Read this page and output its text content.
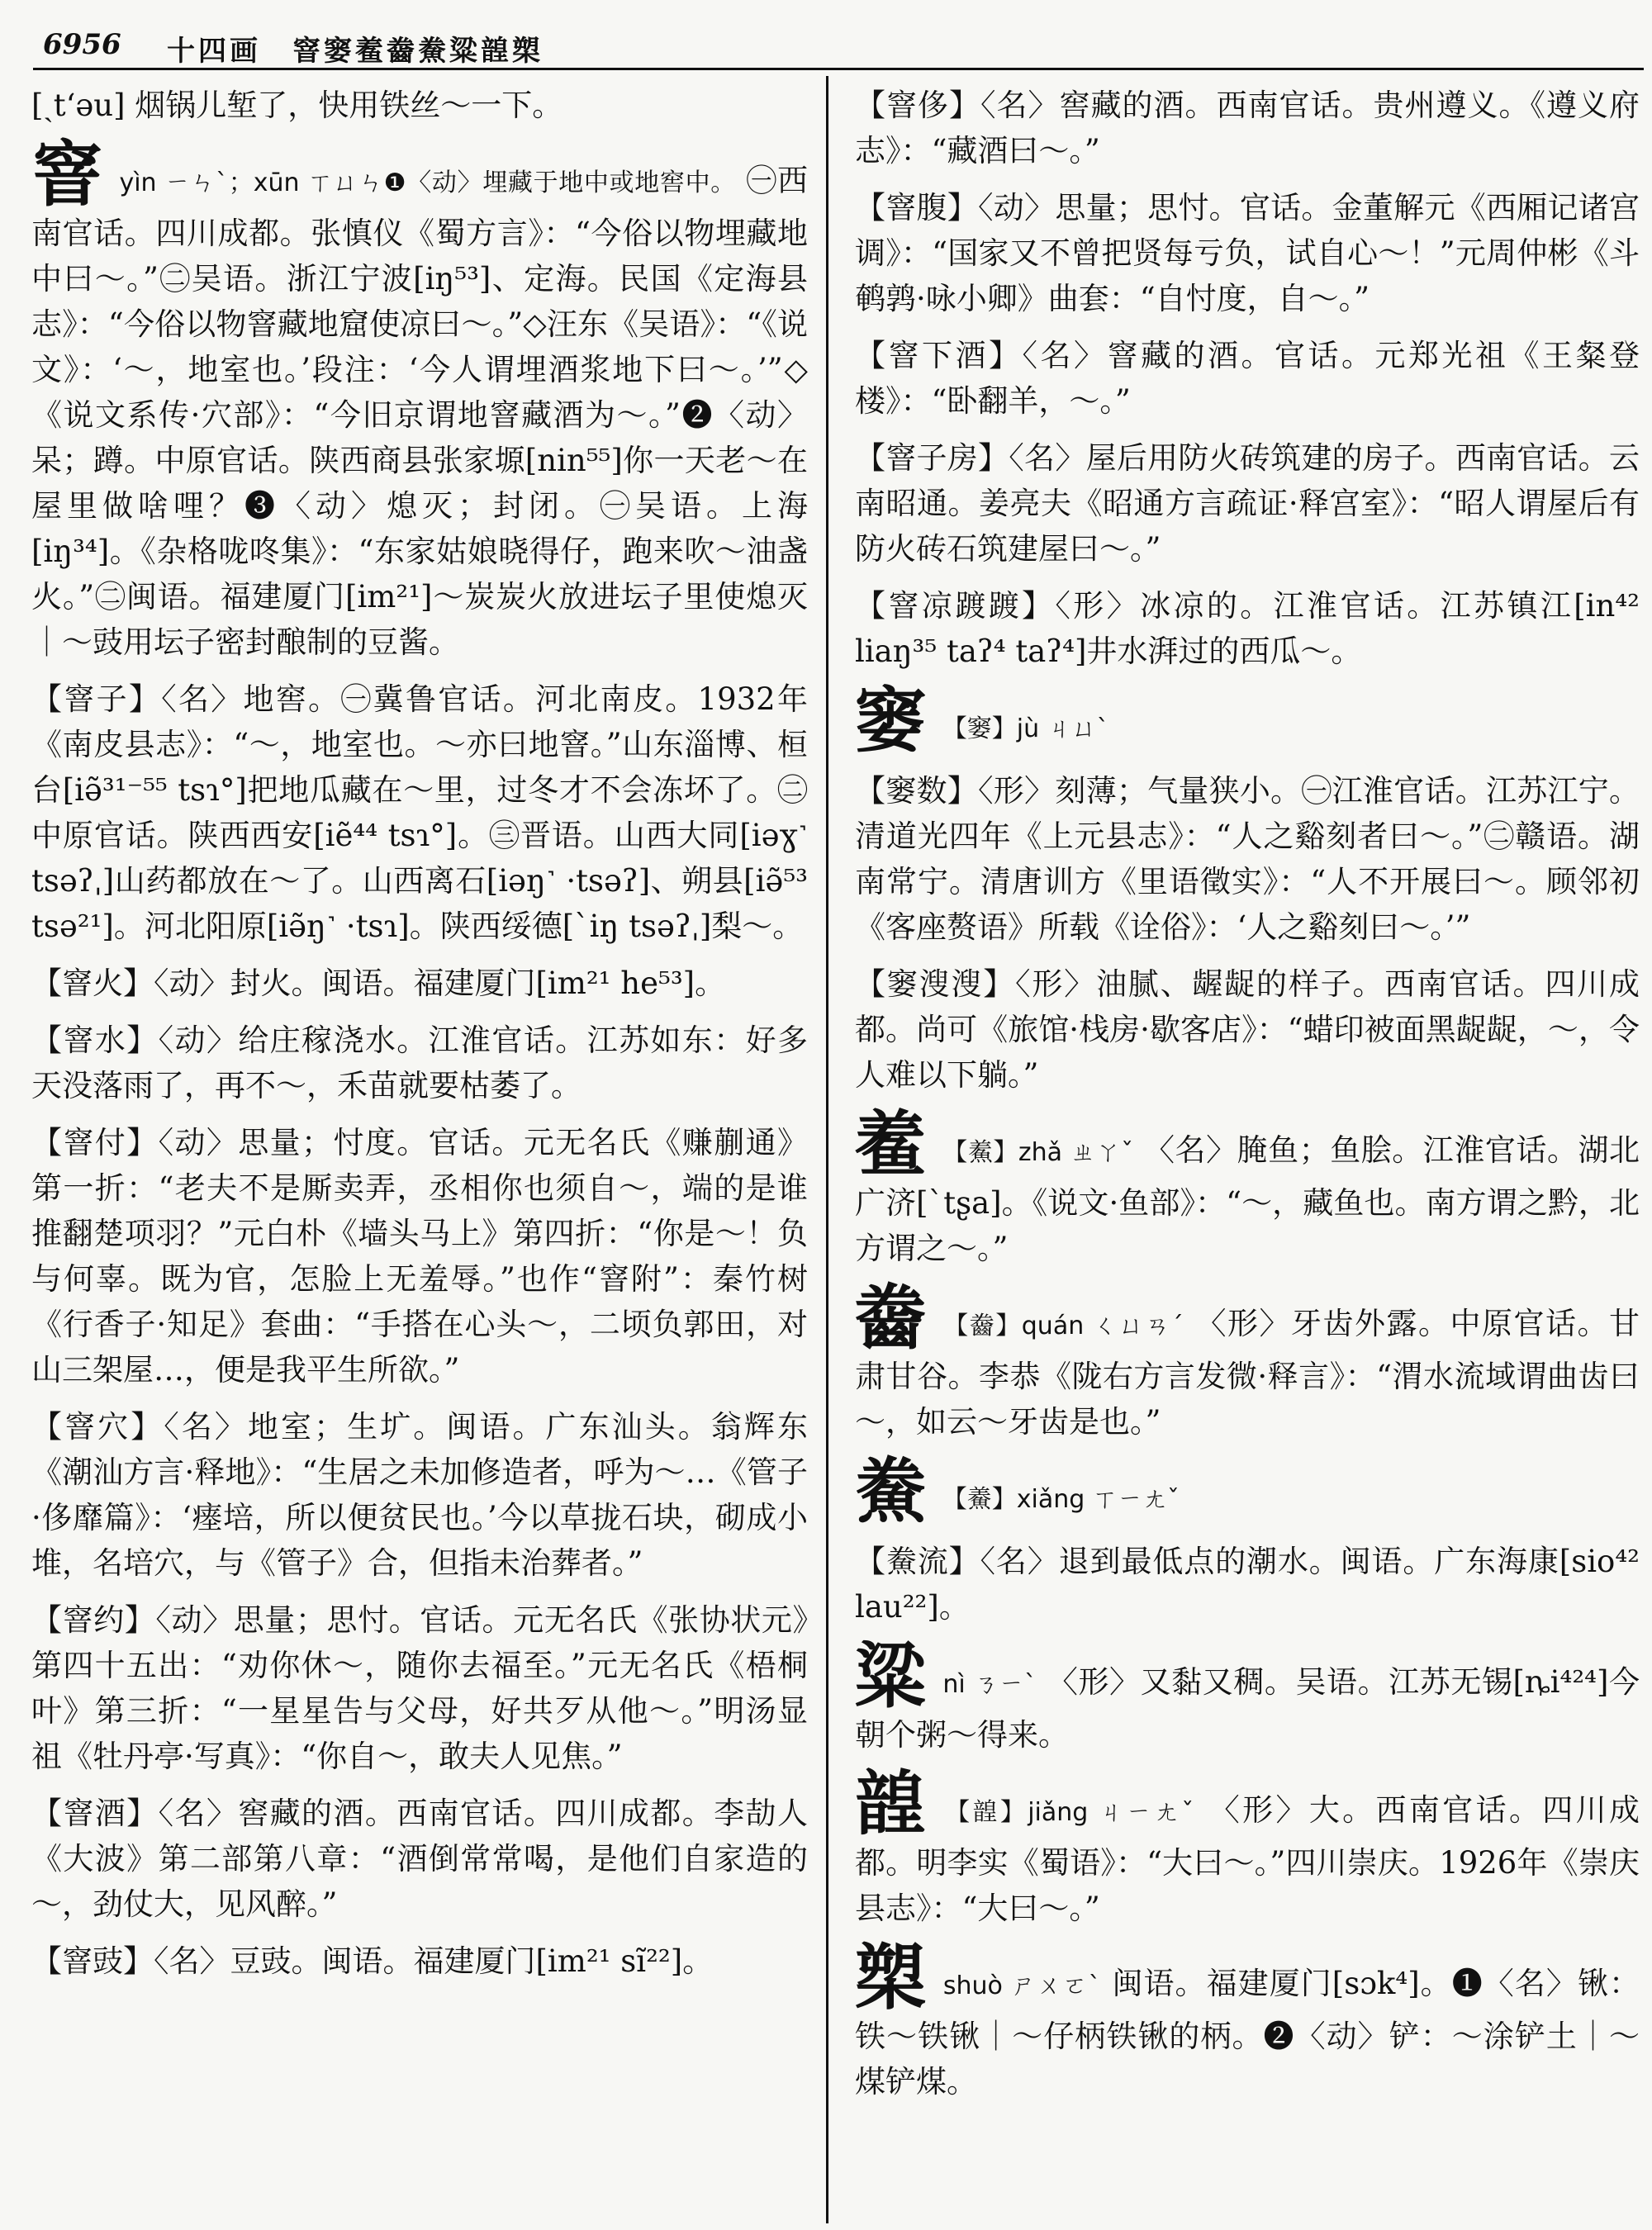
6956 十四画　窨窭鲝齤鮝粱韹槊
[ˏtʻəu] 烟锅儿堑了，快用铁丝～一下。
窨 yìn ㄧㄣˋ；xūn ㄒㄩㄣ❶〈动〉埋藏于地中或地窖中。 ㊀西南官话。四川成都。张慎仪《蜀方言》：“今俗以物埋藏地中曰～。”㊁吴语。浙江宁波[iŋ⁵³]、定海。民国《定海县志》：“今俗以物窨藏地窟使凉曰～。”◇汪东《吴语》：“《说文》：‘～，地室也。’段注：‘今人谓埋酒浆地下曰～。’”◇《说文系传·穴部》：“今旧京谓地窨藏酒为～。”❷〈动〉呆；蹲。中原官话。陕西商县张家塬[nin⁵⁵]你一天老～在屋里做啥哩？❸〈动〉熄灭；封闭。㊀吴语。上海[iŋ³⁴]。《杂格咙咚集》：“东家姑娘晓得仔，跑来吹～油盏火。”㊁闽语。福建厦门[im²¹]～炭炭火放进坛子里使熄灭｜～豉用坛子密封酿制的豆酱。
【窨子】〈名〉地窖。㊀冀鲁官话。河北南皮。1932年《南皮县志》：“～，地室也。～亦曰地窨。”山东淄博、桓台[iə̃³¹⁻⁵⁵ tsɿ°]把地瓜藏在～里，过冬才不会冻坏了。㊁中原官话。陕西西安[iẽ⁴⁴ tsɿ°]。㊂晋语。山西大同[iəɣ˺ tsəʔˌ]山药都放在～了。山西离石[iəŋ˺ ·tsəʔ]、朔县[iə̃⁵³ tsə²¹]。河北阳原[iə̃ŋ˺ ·tsɿ]。陕西绥德[ˋiŋ tsəʔˌ]梨～。
【窨火】〈动〉封火。闽语。福建厦门[im²¹ he⁵³]。
【窨水】〈动〉给庄稼浇水。江淮官话。江苏如东：好多天没落雨了，再不～，禾苗就要枯萎了。
【窨付】〈动〉思量；忖度。官话。元无名氏《赚蒯通》第一折：“老夫不是厮卖弄，丞相你也须自～，端的是谁推翻楚项羽？”元白朴《墙头马上》第四折：“你是～！负与何辜。既为官，怎脸上无羞辱。”也作“窨附”：秦竹树《行香子·知足》套曲：“手搭在心头～，二顷负郭田，对山三架屋…，便是我平生所欲。”
【窨穴】〈名〉地室；生圹。闽语。广东汕头。翁辉东《潮汕方言·释地》：“生居之未加修造者，呼为～…《管子·侈靡篇》：‘瘗培，所以便贫民也。’今以草拢石块，砌成小堆，名培穴，与《管子》合，但指未治葬者。”
【窨约】〈动〉思量；思忖。官话。元无名氏《张协状元》第四十五出：“劝你休～，随你去福至。”元无名氏《梧桐叶》第三折：“一星星告与父母，好共歹从他～。”明汤显祖《牡丹亭·写真》：“你自～，敢夫人见焦。”
【窨酒】〈名〉窖藏的酒。西南官话。四川成都。李劼人《大波》第二部第八章：“酒倒常常喝，是他们自家造的～，劲仗大，见风醉。”
【窨豉】〈名〉豆豉。闽语。福建厦门[im²¹ sĩ²²]。
【窨侈】〈名〉窖藏的酒。西南官话。贵州遵义。《遵义府志》：“藏酒曰～。”
【窨腹】〈动〉思量；思忖。官话。金董解元《西厢记诸宫调》：“国家又不曾把贤每亏负，试自心～！”元周仲彬《斗鹌鹑·咏小卿》曲套：“自忖度，自～。”
【窨下酒】〈名〉窨藏的酒。官话。元郑光祖《王粲登楼》：“卧翻羊，～。”
【窨子房】〈名〉屋后用防火砖筑建的房子。西南官话。云南昭通。姜亮夫《昭通方言疏证·释宫室》：“昭人谓屋后有防火砖石筑建屋曰～。”
【窨凉踱踱】〈形〉冰凉的。江淮官话。江苏镇江[in⁴² liaŋ³⁵ taʔ⁴ taʔ⁴]井水湃过的西瓜～。
窭 【窭】jù ㄐㄩˋ
【窭数】〈形〉刻薄；气量狭小。㊀江淮官话。江苏江宁。清道光四年《上元县志》：“人之谿刻者曰～。”㊁赣语。湖南常宁。清唐训方《里语徵实》：“人不开展曰～。顾邻初《客座赘语》所载《诠俗》：‘人之谿刻曰～。’”
【窭溲溲】〈形〉油腻、龌龊的样子。西南官话。四川成都。尚可《旅馆·栈房·歇客店》：“蜡印被面黑龊龊，～，令人难以下躺。”
鲝 【鮺】zhǎ ㄓㄚˇ 〈名〉腌鱼；鱼脍。江淮官话。湖北广济[ˋtʂa]。《说文·鱼部》：“～，藏鱼也。南方谓之黔，北方谓之～。”
齤 【齤】quán ㄑㄩㄢˊ 〈形〉牙齿外露。中原官话。甘肃甘谷。李恭《陇右方言发微·释言》：“渭水流域谓曲齿曰～，如云～牙齿是也。”
鮝 【鯗】xiǎng ㄒㄧㄤˇ
【鮝流】〈名〉退到最低点的潮水。闽语。广东海康[sio⁴² lau²²]。
粱 nì ㄋㄧˋ 〈形〉又黏又稠。吴语。江苏无锡[ȵi⁴²⁴]今朝个粥～得来。
韹 【韹】jiǎng ㄐㄧㄤˇ 〈形〉大。西南官话。四川成都。明李实《蜀语》：“大曰～。”四川崇庆。1926年《崇庆县志》：“大曰～。”
槊 shuò ㄕㄨㄛˋ 闽语。福建厦门[sɔk⁴]。❶〈名〉锹：铁～铁锹｜～仔柄铁锹的柄。❷〈动〉铲：～涂铲土｜～煤铲煤。
